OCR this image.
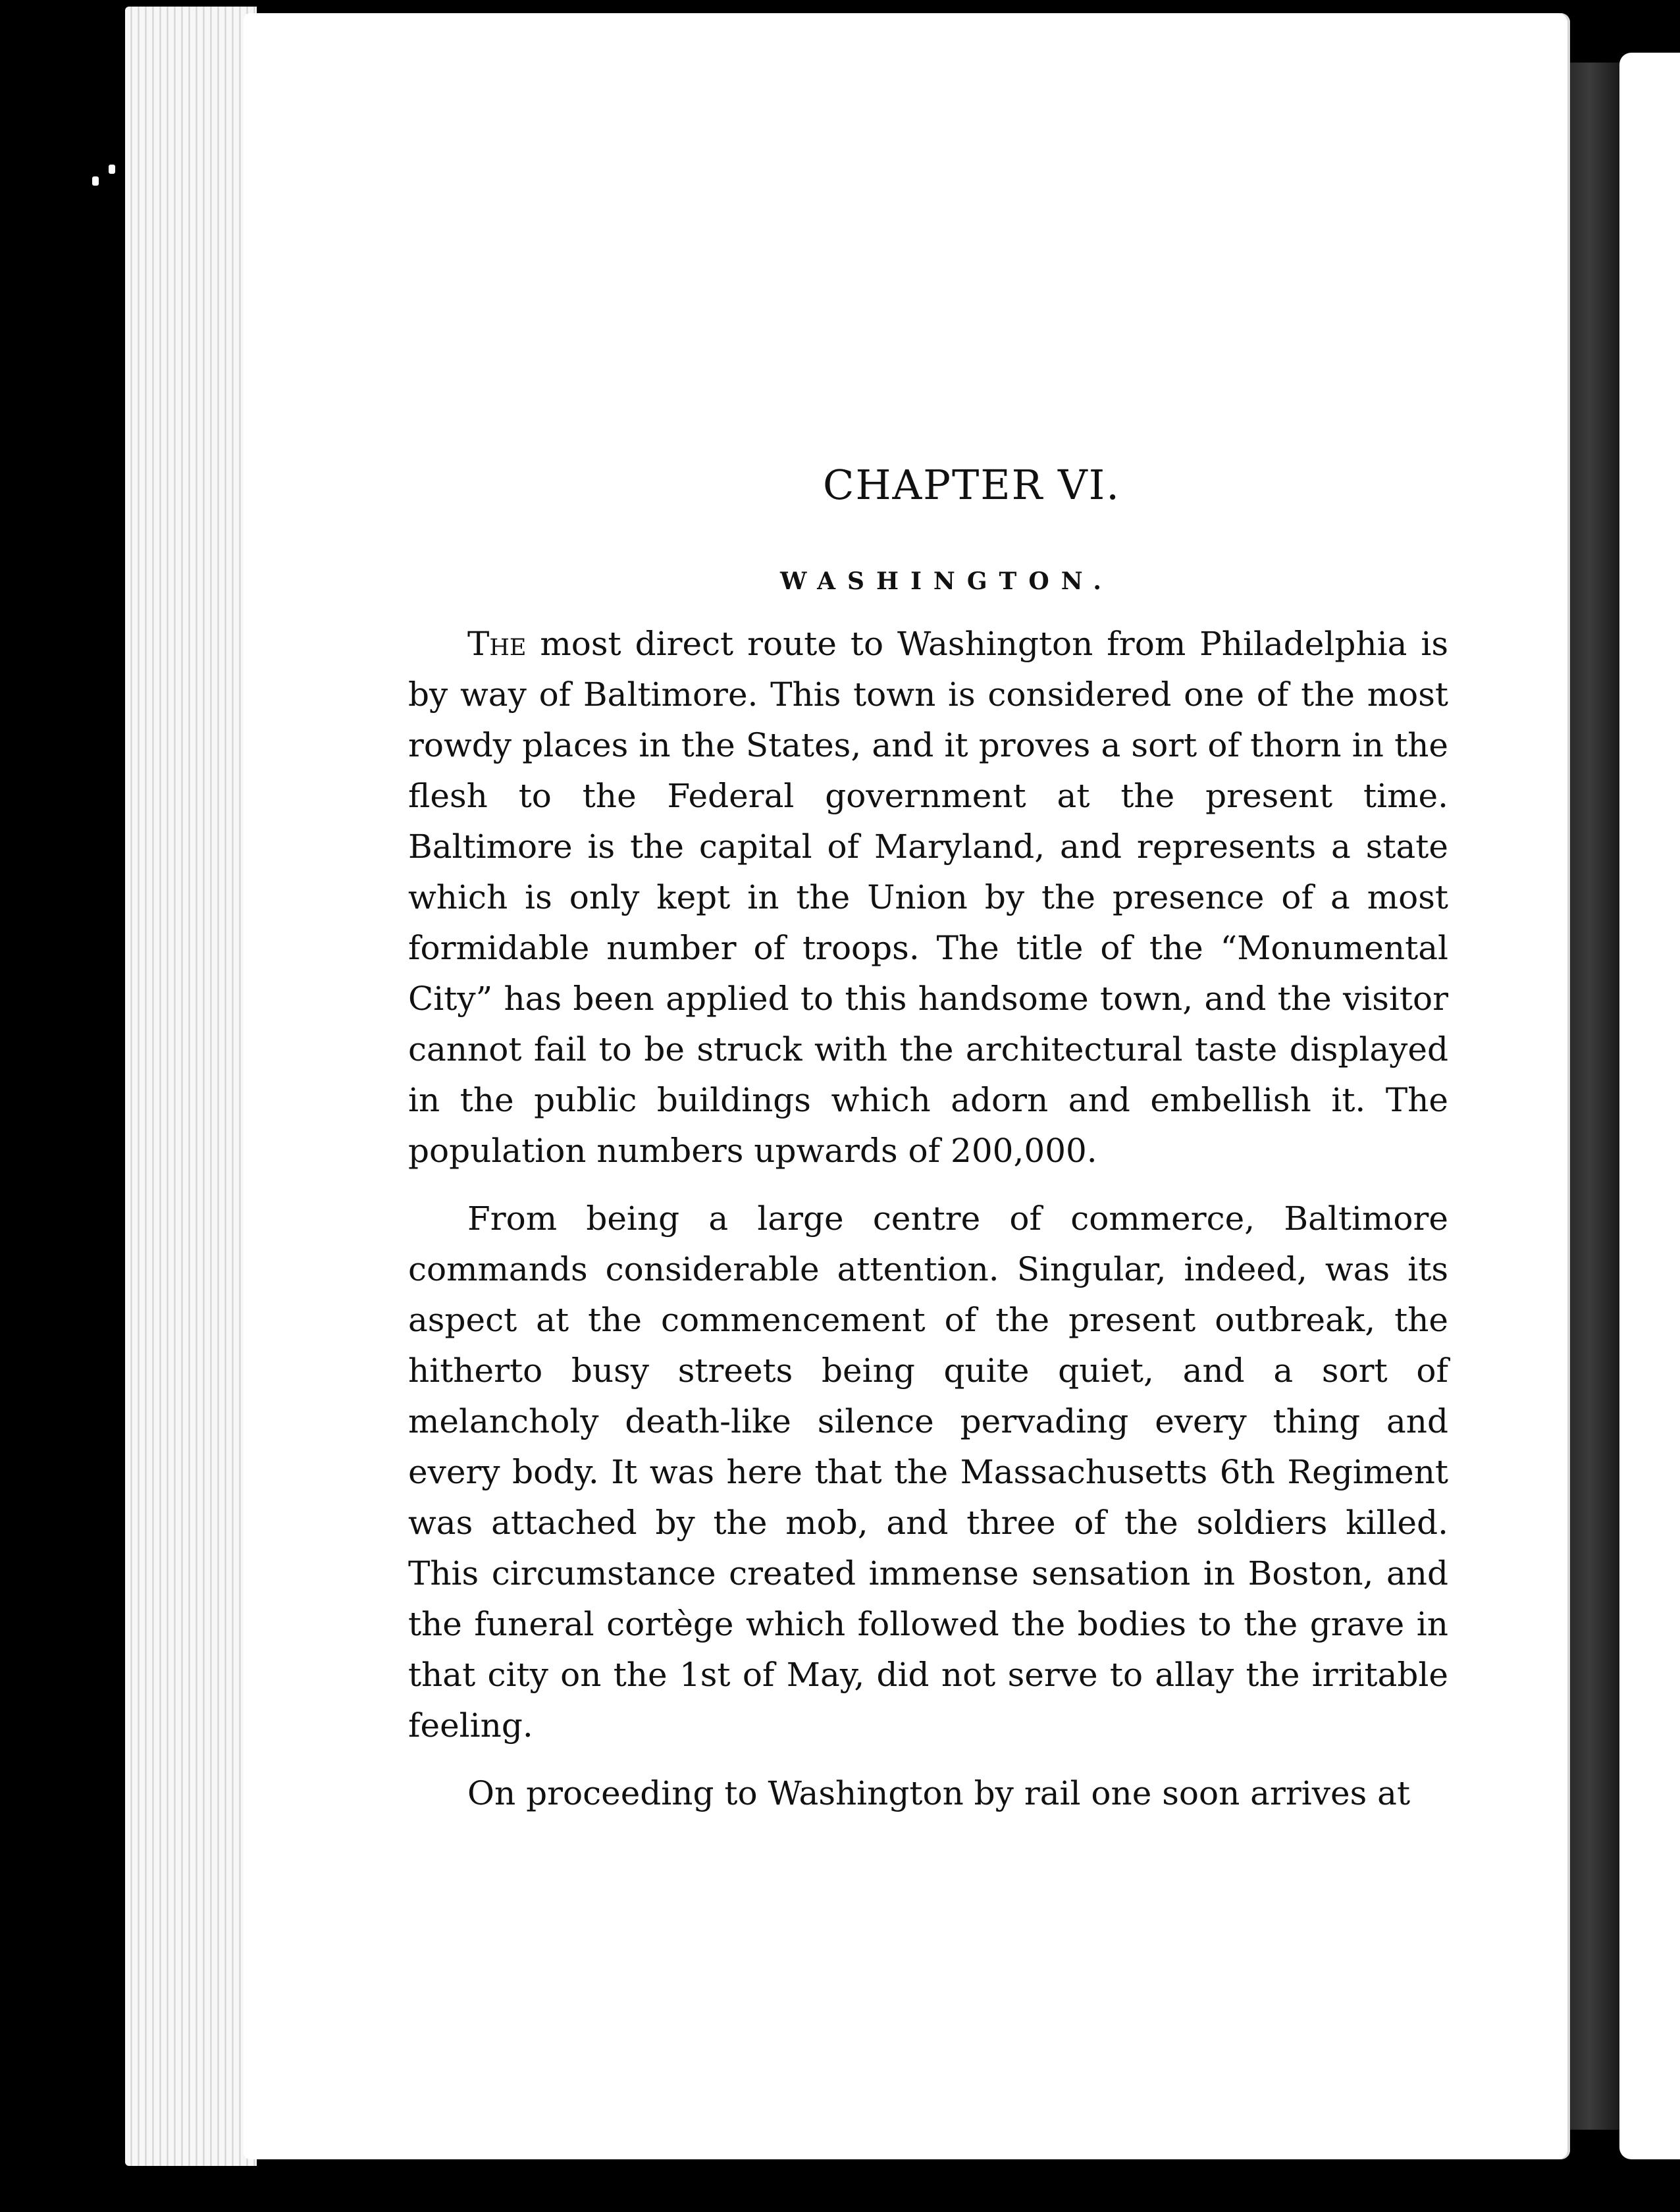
CHAPTER VI.
WASHINGTON.

The most direct route to Washington from Philadelphia is by way of Baltimore. This town is considered one of the most rowdy places in the States, and it proves a sort of thorn in the flesh to the Federal government at the present time. Baltimore is the capital of Maryland, and represents a state which is only kept in the Union by the presence of a most formidable number of troops. The title of the “Monumental City” has been applied to this handsome town, and the visitor cannot fail to be struck with the architectural taste displayed in the public buildings which adorn and embellish it. The population numbers upwards of 200,000.

From being a large centre of commerce, Baltimore commands considerable attention. Singular, indeed, was its aspect at the commencement of the present outbreak, the hitherto busy streets being quite quiet, and a sort of melancholy death-like silence pervading every thing and every body. It was here that the Massachusetts 6th Regiment was attached by the mob, and three of the soldiers killed. This circumstance created immense sensation in Boston, and the funeral cortège which followed the bodies to the grave in that city on the 1st of May, did not serve to allay the irritable feeling.

On proceeding to Washington by rail one soon arrives at
